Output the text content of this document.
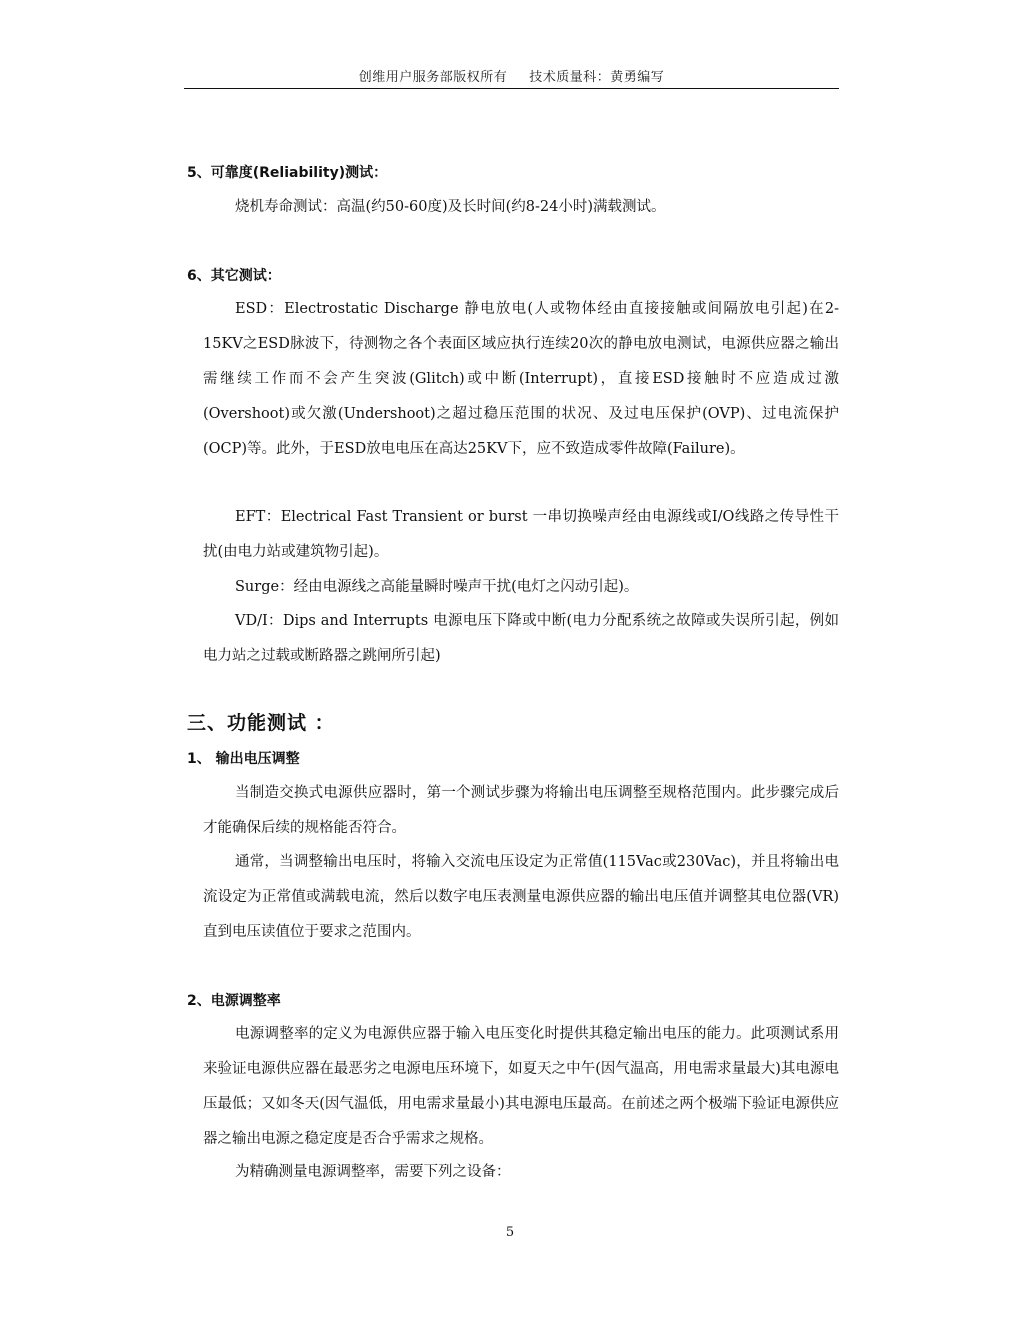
创维用户服务部版权所有 技术质量科：黄勇编写
5、可靠度(Reliability)测试：

烧机寿命测试：高温(约50-60度)及长时间(约8-24小时)满载测试。

6、其它测试：

ESD：Electrostatic Discharge 静电放电(人或物体经由直接接触或间隔放电引起)在2-15KV之ESD脉波下，待测物之各个表面区域应执行连续20次的静电放电测试，电源供应器之输出需继续工作而不会产生突波(Glitch)或中断(Interrupt)，直接ESD接触时不应造成过激(Overshoot)或欠激(Undershoot)之超过稳压范围的状况、及过电压保护(OVP)、过电流保护(OCP)等。此外，于ESD放电电压在高达25KV下，应不致造成零件故障(Failure)。

EFT：Electrical Fast Transient or burst 一串切换噪声经由电源线或I/O线路之传导性干扰(由电力站或建筑物引起)。

Surge：经由电源线之高能量瞬时噪声干扰(电灯之闪动引起)。

VD/I：Dips and Interrupts 电源电压下降或中断(电力分配系统之故障或失误所引起，例如电力站之过载或断路器之跳闸所引起)

三、功能测试 ：
1、 输出电压调整

当制造交换式电源供应器时，第一个测试步骤为将输出电压调整至规格范围内。此步骤完成后才能确保后续的规格能否符合。

通常，当调整输出电压时，将输入交流电压设定为正常值(115Vac或230Vac)，并且将输出电流设定为正常值或满载电流，然后以数字电压表测量电源供应器的输出电压值并调整其电位器(VR)直到电压读值位于要求之范围内。

2、电源调整率

电源调整率的定义为电源供应器于输入电压变化时提供其稳定输出电压的能力。此项测试系用来验证电源供应器在最恶劣之电源电压环境下，如夏天之中午(因气温高，用电需求量最大)其电源电压最低；又如冬天(因气温低，用电需求量最小)其电源电压最高。在前述之两个极端下验证电源供应器之输出电源之稳定度是否合乎需求之规格。

为精确测量电源调整率，需要下列之设备：

5
